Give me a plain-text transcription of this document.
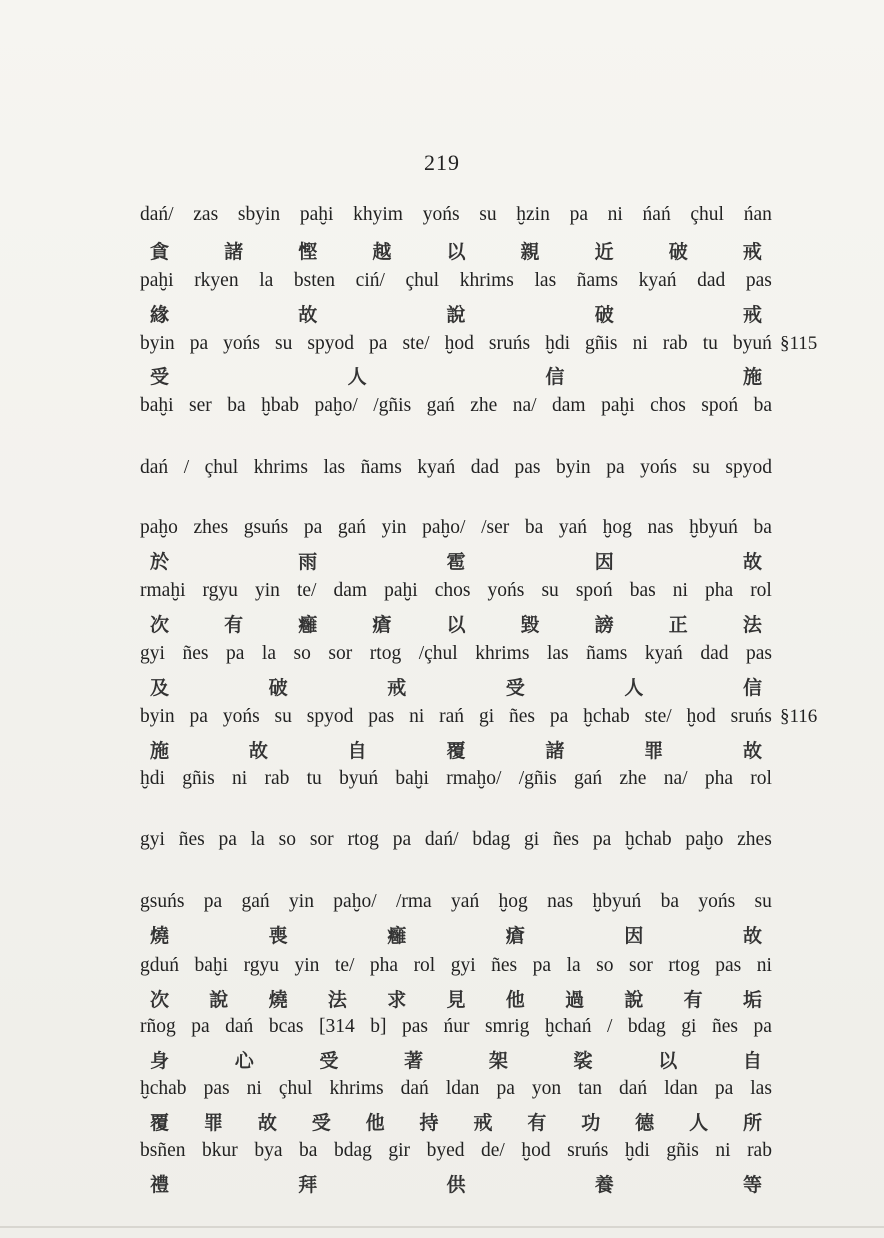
219
dań/ zas sbyin paḫi khyim yońs su ḫzin pa ni ńań çhul ńan
paḫi rkyen la bsten ciń/ çhul khrims las ñams kyań dad pas
byin pa yońs su spyod pa ste/ ḫod sruńs ḫdi gñis ni rab tu byuń
baḫi ser ba ḫbab paḫo/ /gñis gań zhe na/ dam paḫi chos spoń ba
dań / çhul khrims las ñams kyań dad pas byin pa yońs su spyod
paḫo zhes gsuńs pa gań yin paḫo/ /ser ba yań ḫog nas ḫbyuń ba
rmaḫi rgyu yin te/ dam paḫi chos yońs su spoń bas ni pha rol
gyi ñes pa la so sor rtog /çhul khrims las ñams kyań dad pas
byin pa yońs su spyod pas ni rań gi ñes pa ḫchab ste/ ḫod sruńs
ḫdi gñis ni rab tu byuń baḫi rmaḫo/ /gñis gań zhe na/ pha rol
gyi ñes pa la so sor rtog pa dań/ bdag gi ñes pa ḫchab paḫo zhes
gsuńs pa gań yin paḫo/ /rma yań ḫog nas ḫbyuń ba yońs su
gduń baḫi rgyu yin te/ pha rol gyi ñes pa la so sor rtog pas ni
rñog pa dań bcas [314 b] pas ńur smrig ḫchań / bdag gi ñes pa
ḫchab pas ni çhul khrims dań ldan pa yon tan dań ldan pa las
bsñen bkur bya ba bdag gir byed de/ ḫod sruńs ḫdi gñis ni rab
貪	諸	慳	越	以	親	近	破	戒
緣	故	說	破	戒
受	人	信	施
於	雨	雹	因	故
次	有	癰	瘡	以	毀	謗	正	法
及	破	戒	受	人	信
施	故	自	覆	諸	罪	故
燒	喪	癰	瘡	因	故
次 說 燒 法 求 見 他 過 說 有 垢
身	心	受	著	架	裟	以	自
覆 罪 故 受 他 持 戒 有 功 德 人 所
禮	拜	供	養	等
§115
§116
